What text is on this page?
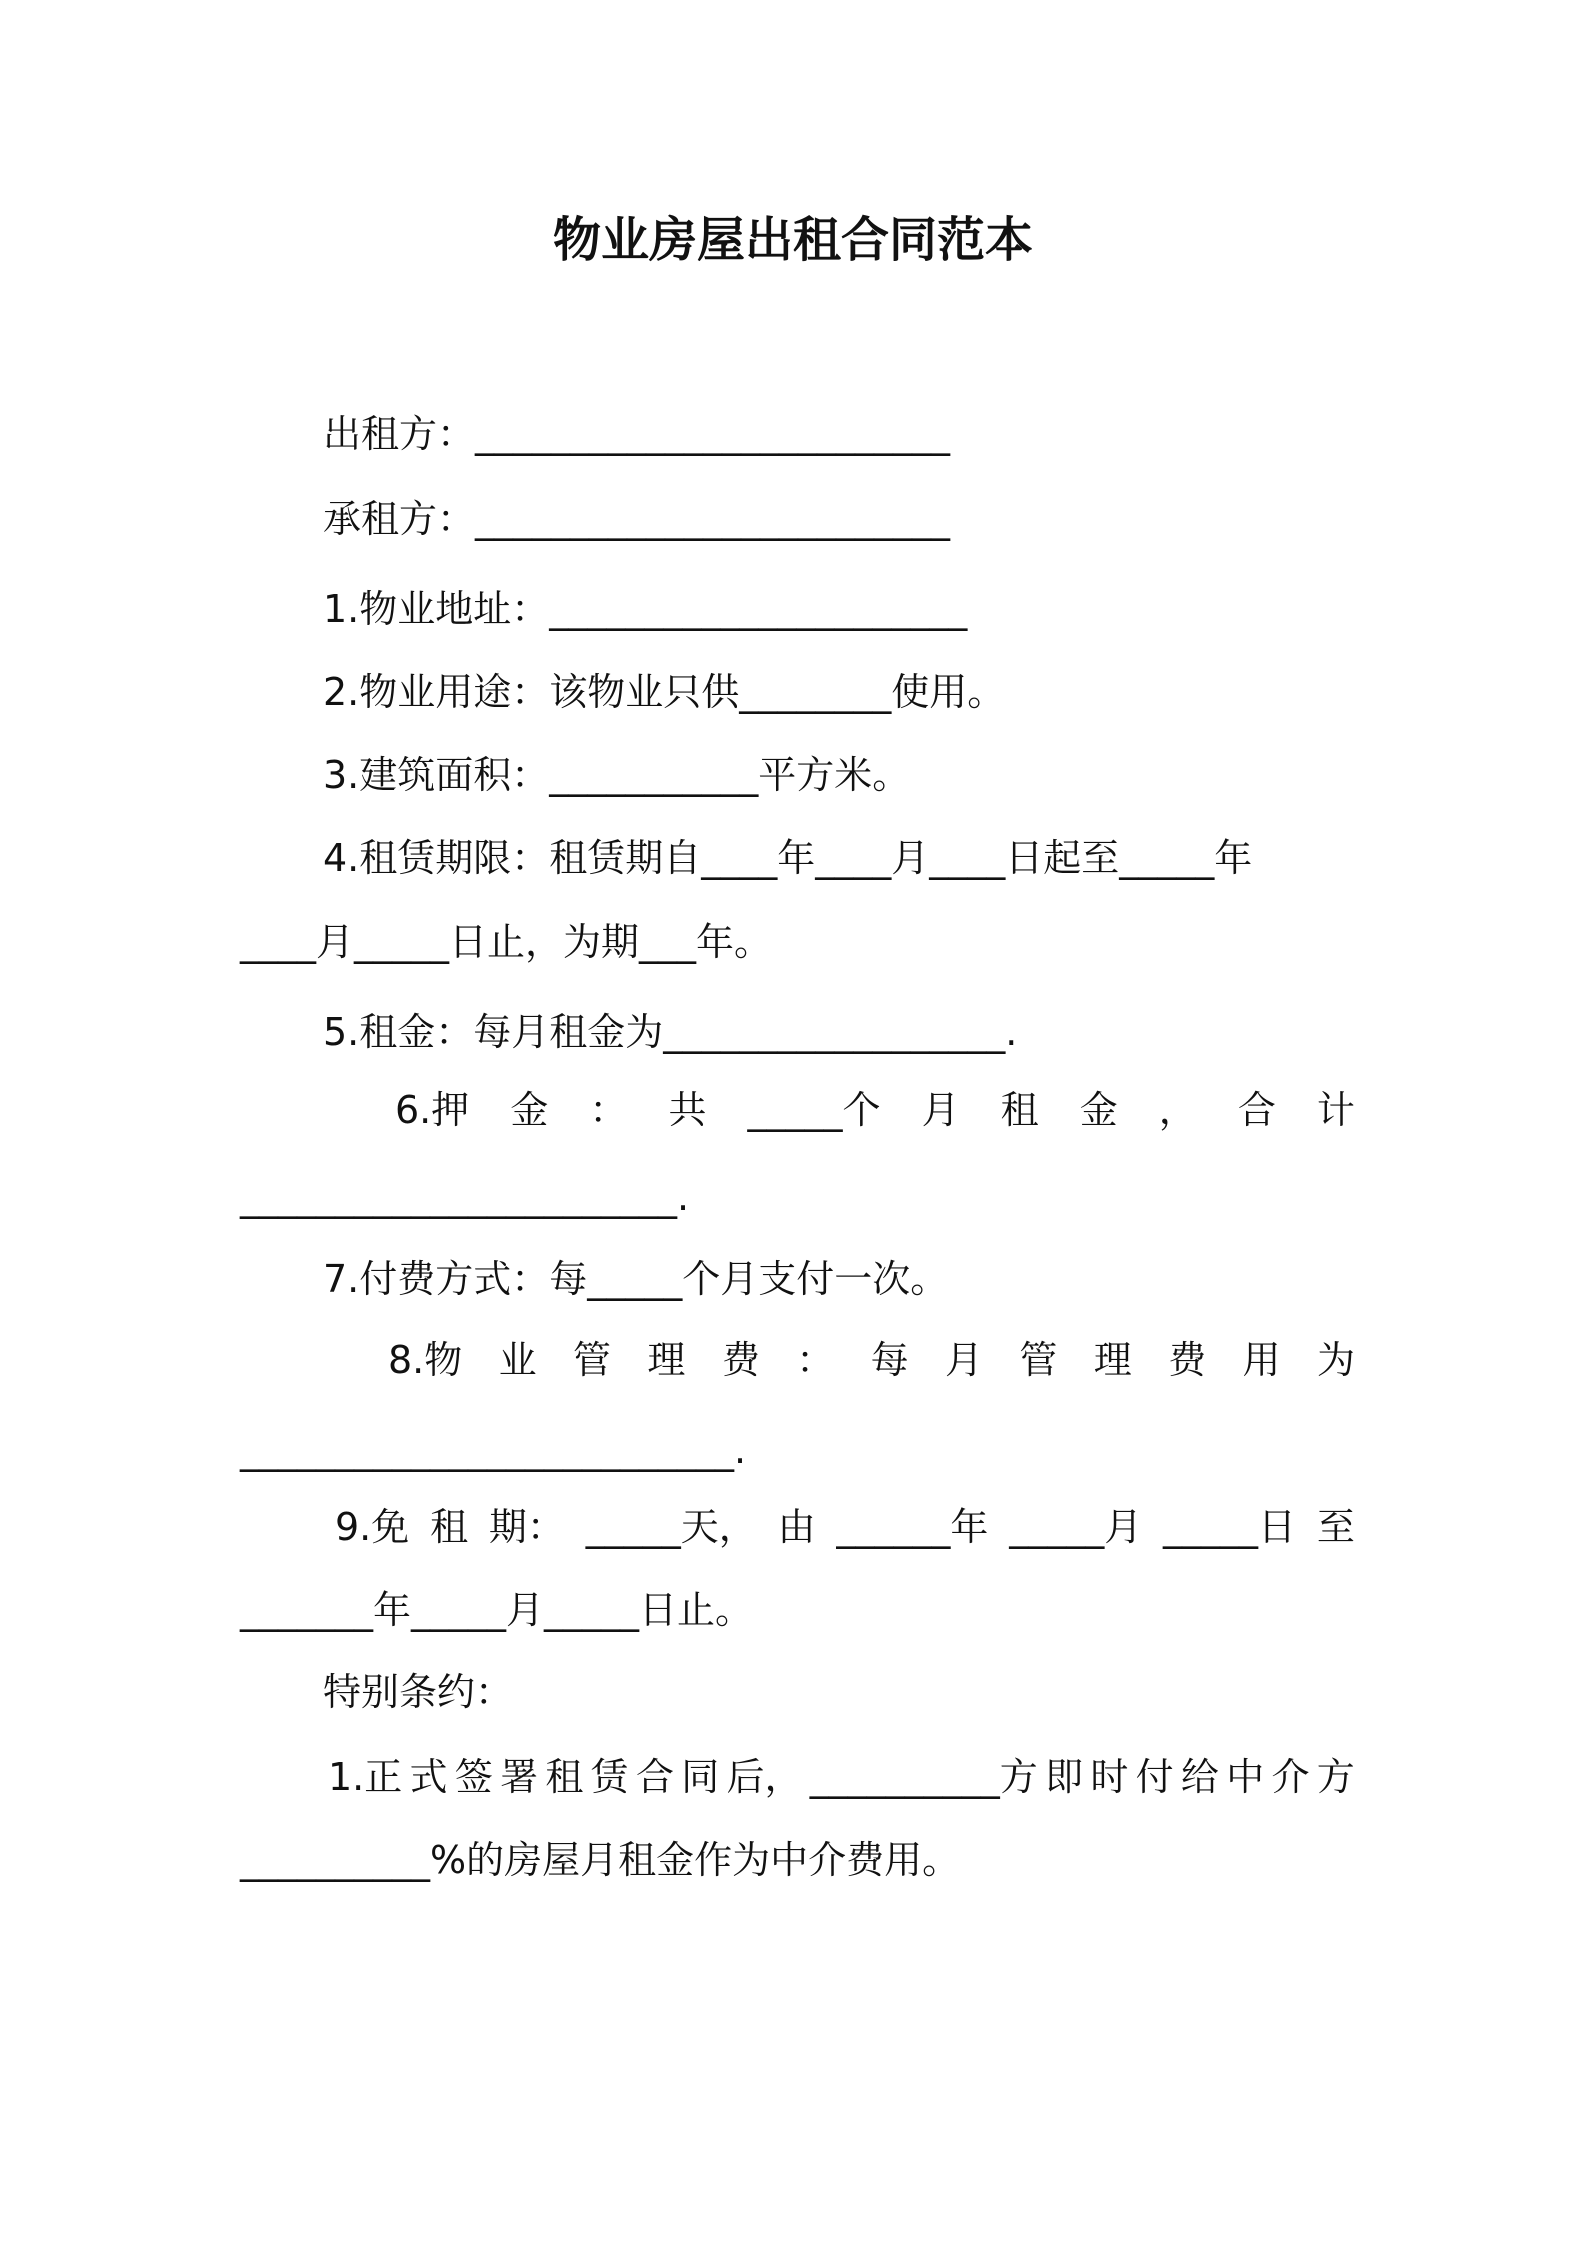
物业房屋出租合同范本
出租方：_________________________
承租方：_________________________
1.物业地址：______________________
2.物业用途：该物业只供________使用。
3.建筑面积：___________平方米。
4.租赁期限：租赁期自____年____月____日起至_____年
____月_____日止，为期___年。
5.租金：每月租金为__________________.
6.押 金 ： 共 _____个 月 租 金 ， 合 计
_______________________.
7.付费方式：每_____个月支付一次。
8.物 业 管 理 费 ： 每 月 管 理 费 用 为
__________________________.
9.免 租 期： _____天， 由 ______年 _____月 _____日 至
_______年_____月_____日止。
特别条约：
1.正 式 签 署 租 赁 合 同 后， __________方 即 时 付 给 中 介 方
__________%的房屋月租金作为中介费用。
